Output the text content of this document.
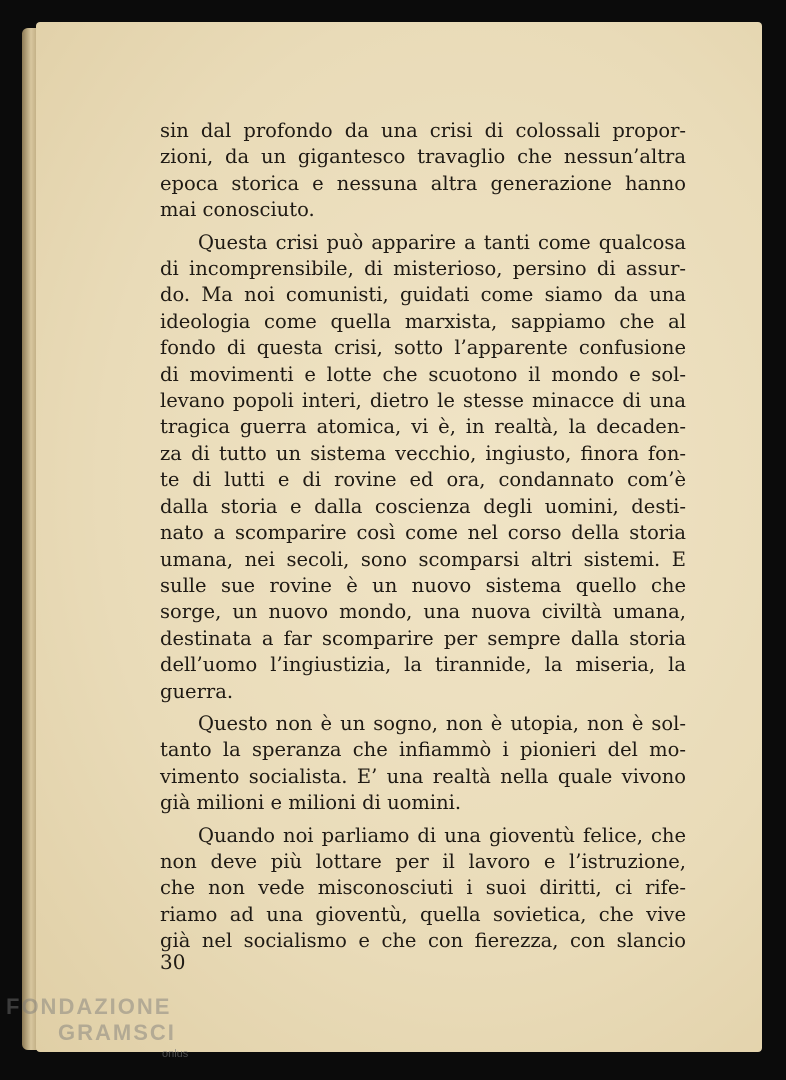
sin dal profondo da una crisi di colossali propor-
zioni, da un gigantesco travaglio che nessun’altra
epoca storica e nessuna altra generazione hanno
mai conosciuto.

Questa crisi può apparire a tanti come qualcosa
di incomprensibile, di misterioso, persino di assur-
do. Ma noi comunisti, guidati come siamo da una
ideologia come quella marxista, sappiamo che al
fondo di questa crisi, sotto l’apparente confusione
di movimenti e lotte che scuotono il mondo e sol-
levano popoli interi, dietro le stesse minacce di una
tragica guerra atomica, vi è, in realtà, la decaden-
za di tutto un sistema vecchio, ingiusto, finora fon-
te di lutti e di rovine ed ora, condannato com’è
dalla storia e dalla coscienza degli uomini, desti-
nato a scomparire così come nel corso della storia
umana, nei secoli, sono scomparsi altri sistemi. E
sulle sue rovine è un nuovo sistema quello che
sorge, un nuovo mondo, una nuova civiltà umana,
destinata a far scomparire per sempre dalla storia
dell’uomo l’ingiustizia, la tirannide, la miseria, la
guerra.

Questo non è un sogno, non è utopia, non è sol-
tanto la speranza che infiammò i pionieri del mo-
vimento socialista. E’ una realtà nella quale vivono
già milioni e milioni di uomini.

Quando noi parliamo di una gioventù felice, che
non deve più lottare per il lavoro e l’istruzione,
che non vede misconosciuti i suoi diritti, ci rife-
riamo ad una gioventù, quella sovietica, che vive
già nel socialismo e che con fierezza, con slancio

30
FONDAZIONE
GRAMSCI
onlus
